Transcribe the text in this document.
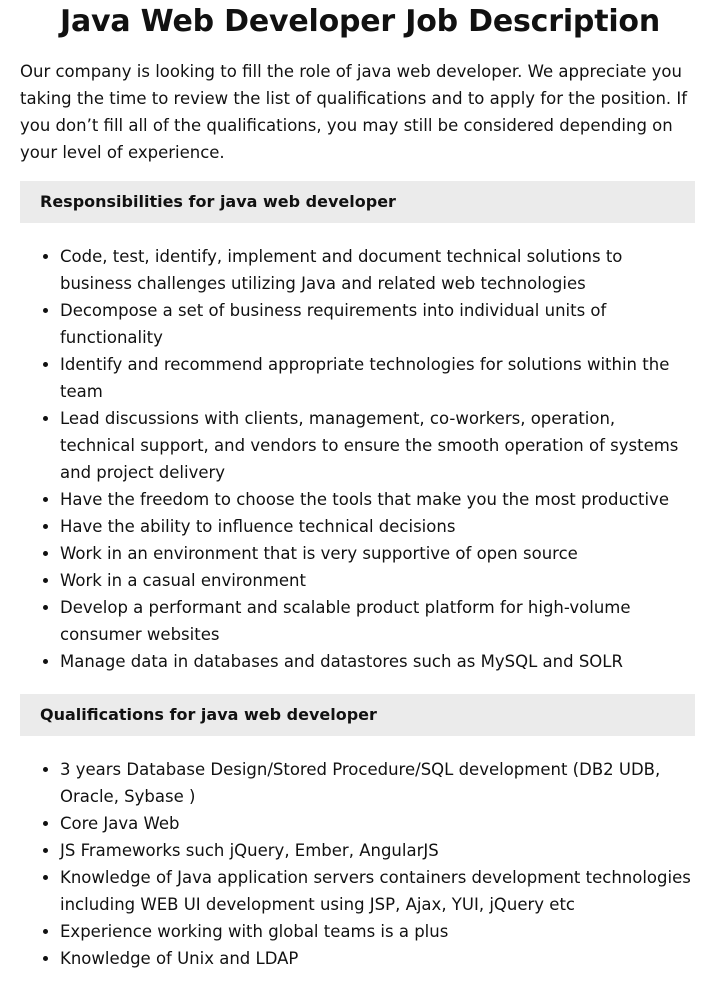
Java Web Developer Job Description

Our company is looking to fill the role of java web developer. We appreciate you taking the time to review the list of qualifications and to apply for the position. If you don’t fill all of the qualifications, you may still be considered depending on your level of experience.

Responsibilities for java web developer
• Code, test, identify, implement and document technical solutions to business challenges utilizing Java and related web technologies
• Decompose a set of business requirements into individual units of functionality
• Identify and recommend appropriate technologies for solutions within the team
• Lead discussions with clients, management, co-workers, operation, technical support, and vendors to ensure the smooth operation of systems and project delivery
• Have the freedom to choose the tools that make you the most productive
• Have the ability to influence technical decisions
• Work in an environment that is very supportive of open source
• Work in a casual environment
• Develop a performant and scalable product platform for high-volume consumer websites
• Manage data in databases and datastores such as MySQL and SOLR
Qualifications for java web developer
• 3 years Database Design/Stored Procedure/SQL development (DB2 UDB, Oracle, Sybase )
• Core Java Web
• JS Frameworks such jQuery, Ember, AngularJS
• Knowledge of Java application servers containers development technologies including WEB UI development using JSP, Ajax, YUI, jQuery etc
• Experience working with global teams is a plus
• Knowledge of Unix and LDAP
